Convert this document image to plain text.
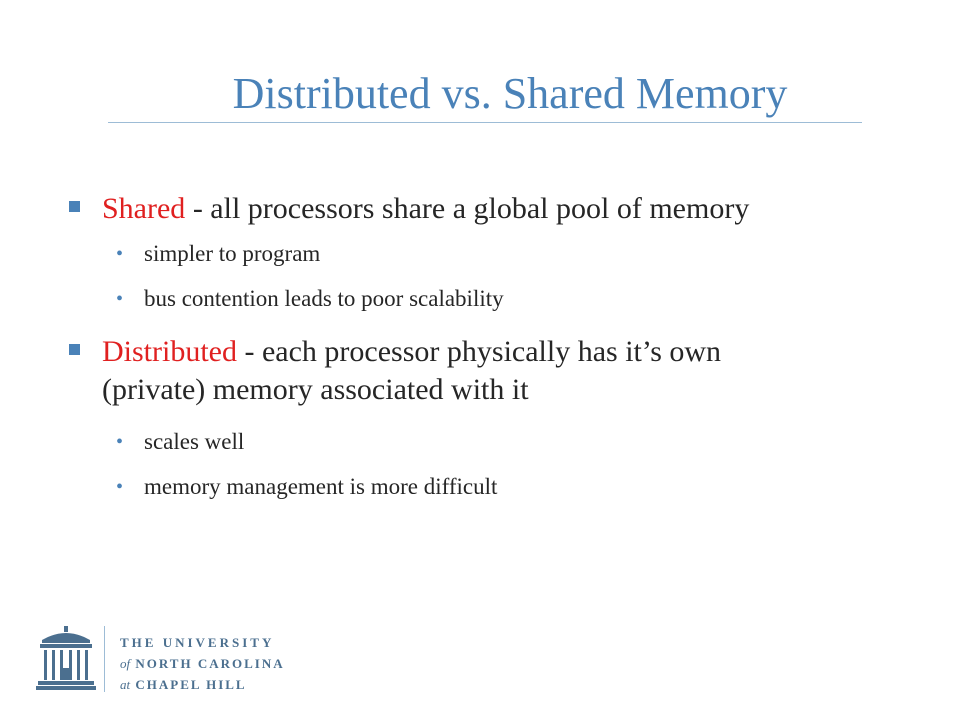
Distributed vs. Shared Memory
Shared - all processors share a global pool of memory
• simpler to program
• bus contention leads to poor scalability
Distributed - each processor physically has it’s own
(private) memory associated with it
• scales well
• memory management is more difficult
THE UNIVERSITY
of NORTH CAROLINA
at CHAPEL HILL
